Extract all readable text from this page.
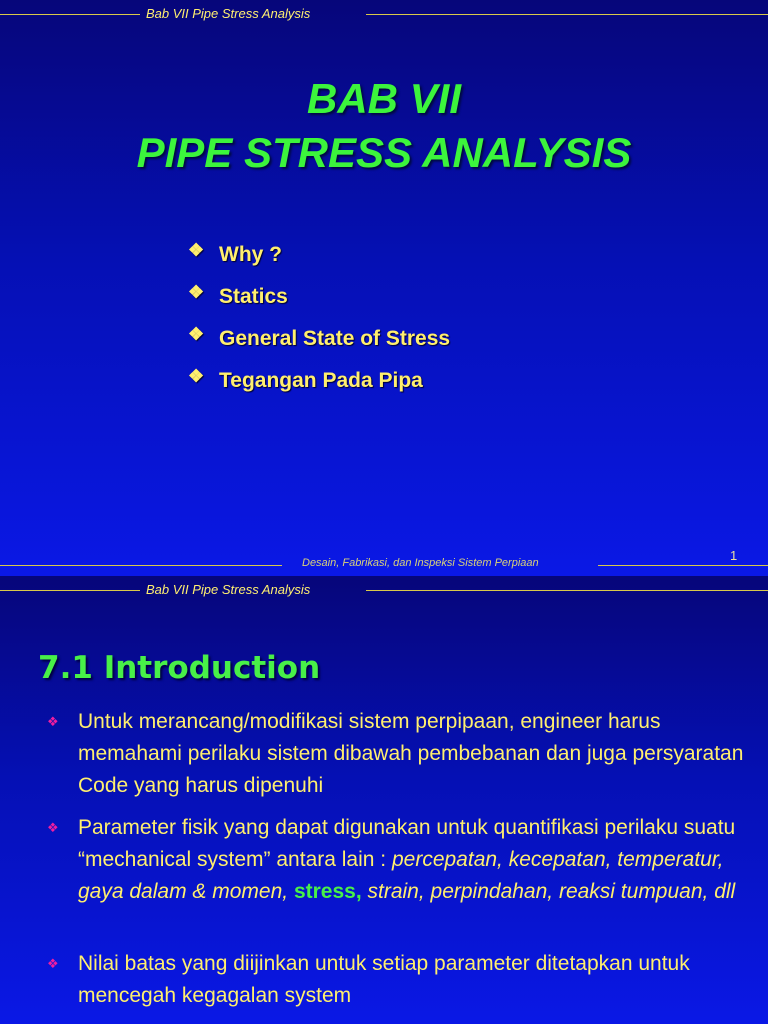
Bab VII Pipe Stress Analysis
BAB VII
PIPE STRESS ANALYSIS
❖ Why ?
❖ Statics
❖ General State of Stress
❖ Tegangan Pada Pipa
Desain, Fabrikasi, dan Inspeksi Sistem Perpiaan	1
Bab VII Pipe Stress Analysis
7.1 Introduction
❖ Untuk merancang/modifikasi sistem perpipaan, engineer harus memahami perilaku sistem dibawah pembebanan dan juga persyaratan Code yang harus dipenuhi
❖ Parameter fisik yang dapat digunakan untuk quantifikasi perilaku suatu “mechanical system” antara lain : percepatan, kecepatan, temperatur, gaya dalam & momen, stress, strain, perpindahan, reaksi tumpuan, dll
❖ Nilai batas yang diijinkan untuk setiap parameter ditetapkan untuk mencegah kegagalan system
